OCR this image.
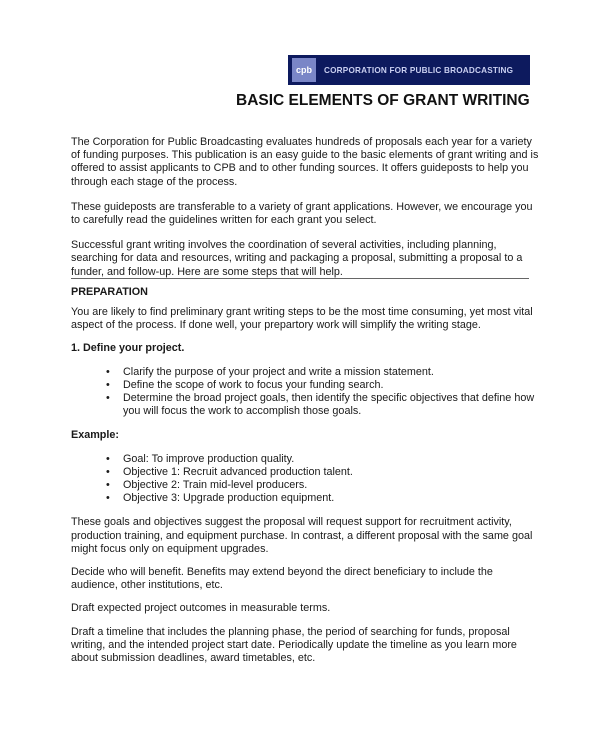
cpb	CORPORATION FOR PUBLIC BROADCASTING
BASIC ELEMENTS OF GRANT WRITING

The Corporation for Public Broadcasting evaluates hundreds of proposals each year for a variety of funding purposes. This publication is an easy guide to the basic elements of grant writing and is offered to assist applicants to CPB and to other funding sources. It offers guideposts to help you through each stage of the process.

These guideposts are transferable to a variety of grant applications. However, we encourage you to carefully read the guidelines written for each grant you select.

Successful grant writing involves the coordination of several activities, including planning, searching for data and resources, writing and packaging a proposal, submitting a proposal to a funder, and follow-up. Here are some steps that will help.

PREPARATION

You are likely to find preliminary grant writing steps to be the most time consuming, yet most vital aspect of the process. If done well, your prepartory work will simplify the writing stage.

1. Define your project.

• Clarify the purpose of your project and write a mission statement.
• Define the scope of work to focus your funding search.
• Determine the broad project goals, then identify the specific objectives that define how you will focus the work to accomplish those goals.

Example:

• Goal: To improve production quality.
• Objective 1: Recruit advanced production talent.
• Objective 2: Train mid-level producers.
• Objective 3: Upgrade production equipment.

These goals and objectives suggest the proposal will request support for recruitment activity, production training, and equipment purchase. In contrast, a different proposal with the same goal might focus only on equipment upgrades.

Decide who will benefit. Benefits may extend beyond the direct beneficiary to include the audience, other institutions, etc.

Draft expected project outcomes in measurable terms.

Draft a timeline that includes the planning phase, the period of searching for funds, proposal writing, and the intended project start date. Periodically update the timeline as you learn more about submission deadlines, award timetables, etc.
